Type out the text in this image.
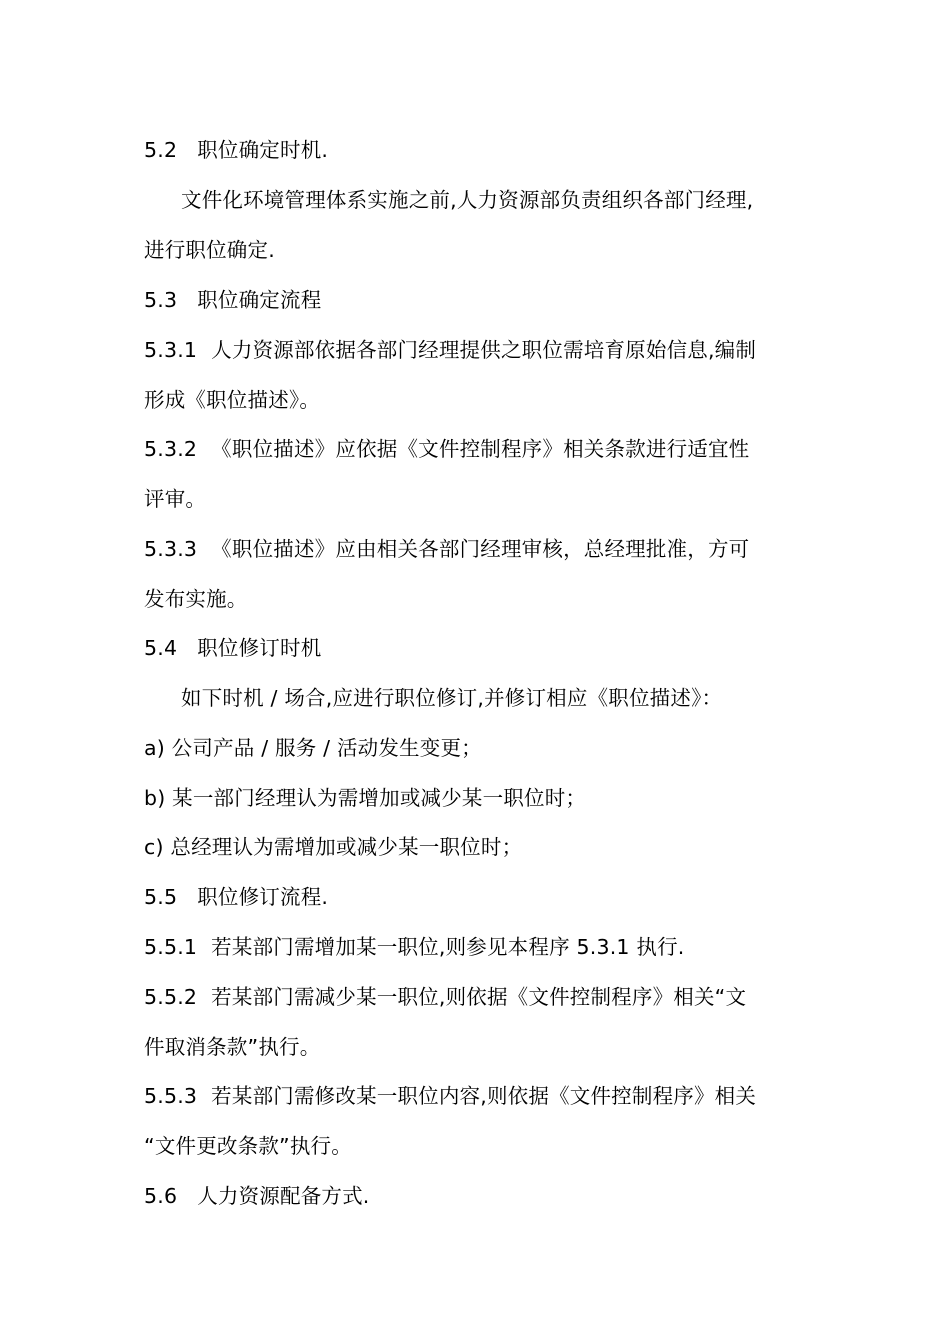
5.2 职位确定时机.
文件化环境管理体系实施之前,人力资源部负责组织各部门经理,
进行职位确定.
5.3 职位确定流程
5.3.1 人力资源部依据各部门经理提供之职位需培育原始信息,编制
形成《职位描述》。
5.3.2 《职位描述》应依据《文件控制程序》相关条款进行适宜性
评审。
5.3.3 《职位描述》应由相关各部门经理审核，总经理批准，方可
发布实施。
5.4 职位修订时机
如下时机 / 场合,应进行职位修订,并修订相应《职位描述》：
a) 公司产品 / 服务 / 活动发生变更；
b) 某一部门经理认为需增加或减少某一职位时；
c) 总经理认为需增加或减少某一职位时；
5.5 职位修订流程.
5.5.1 若某部门需增加某一职位,则参见本程序 5.3.1 执行.
5.5.2 若某部门需减少某一职位,则依据《文件控制程序》相关“文
件取消条款”执行。
5.5.3 若某部门需修改某一职位内容,则依据《文件控制程序》相关
“文件更改条款”执行。
5.6 人力资源配备方式.
